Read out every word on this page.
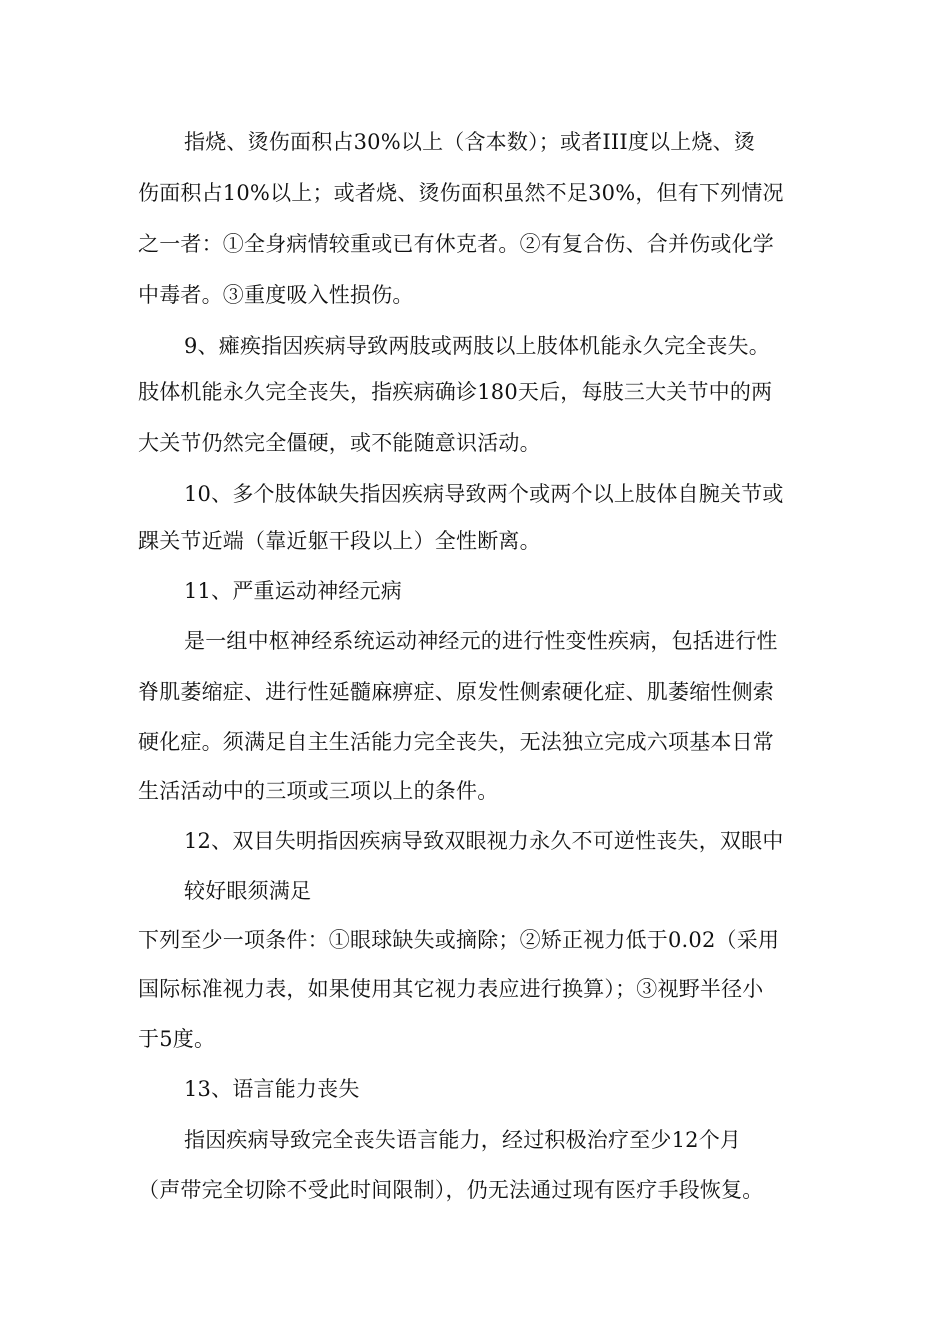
指烧、烫伤面积占30%以上（含本数）；或者III度以上烧、烫
伤面积占10%以上；或者烧、烫伤面积虽然不足30%，但有下列情况
之一者：①全身病情较重或已有休克者。②有复合伤、合并伤或化学
中毒者。③重度吸入性损伤。
9、瘫痪指因疾病导致两肢或两肢以上肢体机能永久完全丧失。
肢体机能永久完全丧失，指疾病确诊180天后，每肢三大关节中的两
大关节仍然完全僵硬，或不能随意识活动。
10、多个肢体缺失指因疾病导致两个或两个以上肢体自腕关节或
踝关节近端（靠近躯干段以上）全性断离。
11、严重运动神经元病
是一组中枢神经系统运动神经元的进行性变性疾病，包括进行性
脊肌萎缩症、进行性延髓麻痹症、原发性侧索硬化症、肌萎缩性侧索
硬化症。须满足自主生活能力完全丧失，无法独立完成六项基本日常
生活活动中的三项或三项以上的条件。
12、双目失明指因疾病导致双眼视力永久不可逆性丧失，双眼中
较好眼须满足
下列至少一项条件：①眼球缺失或摘除；②矫正视力低于0.02（采用
国际标准视力表，如果使用其它视力表应进行换算）；③视野半径小
于5度。
13、语言能力丧失
指因疾病导致完全丧失语言能力，经过积极治疗至少12个月
（声带完全切除不受此时间限制），仍无法通过现有医疗手段恢复。
